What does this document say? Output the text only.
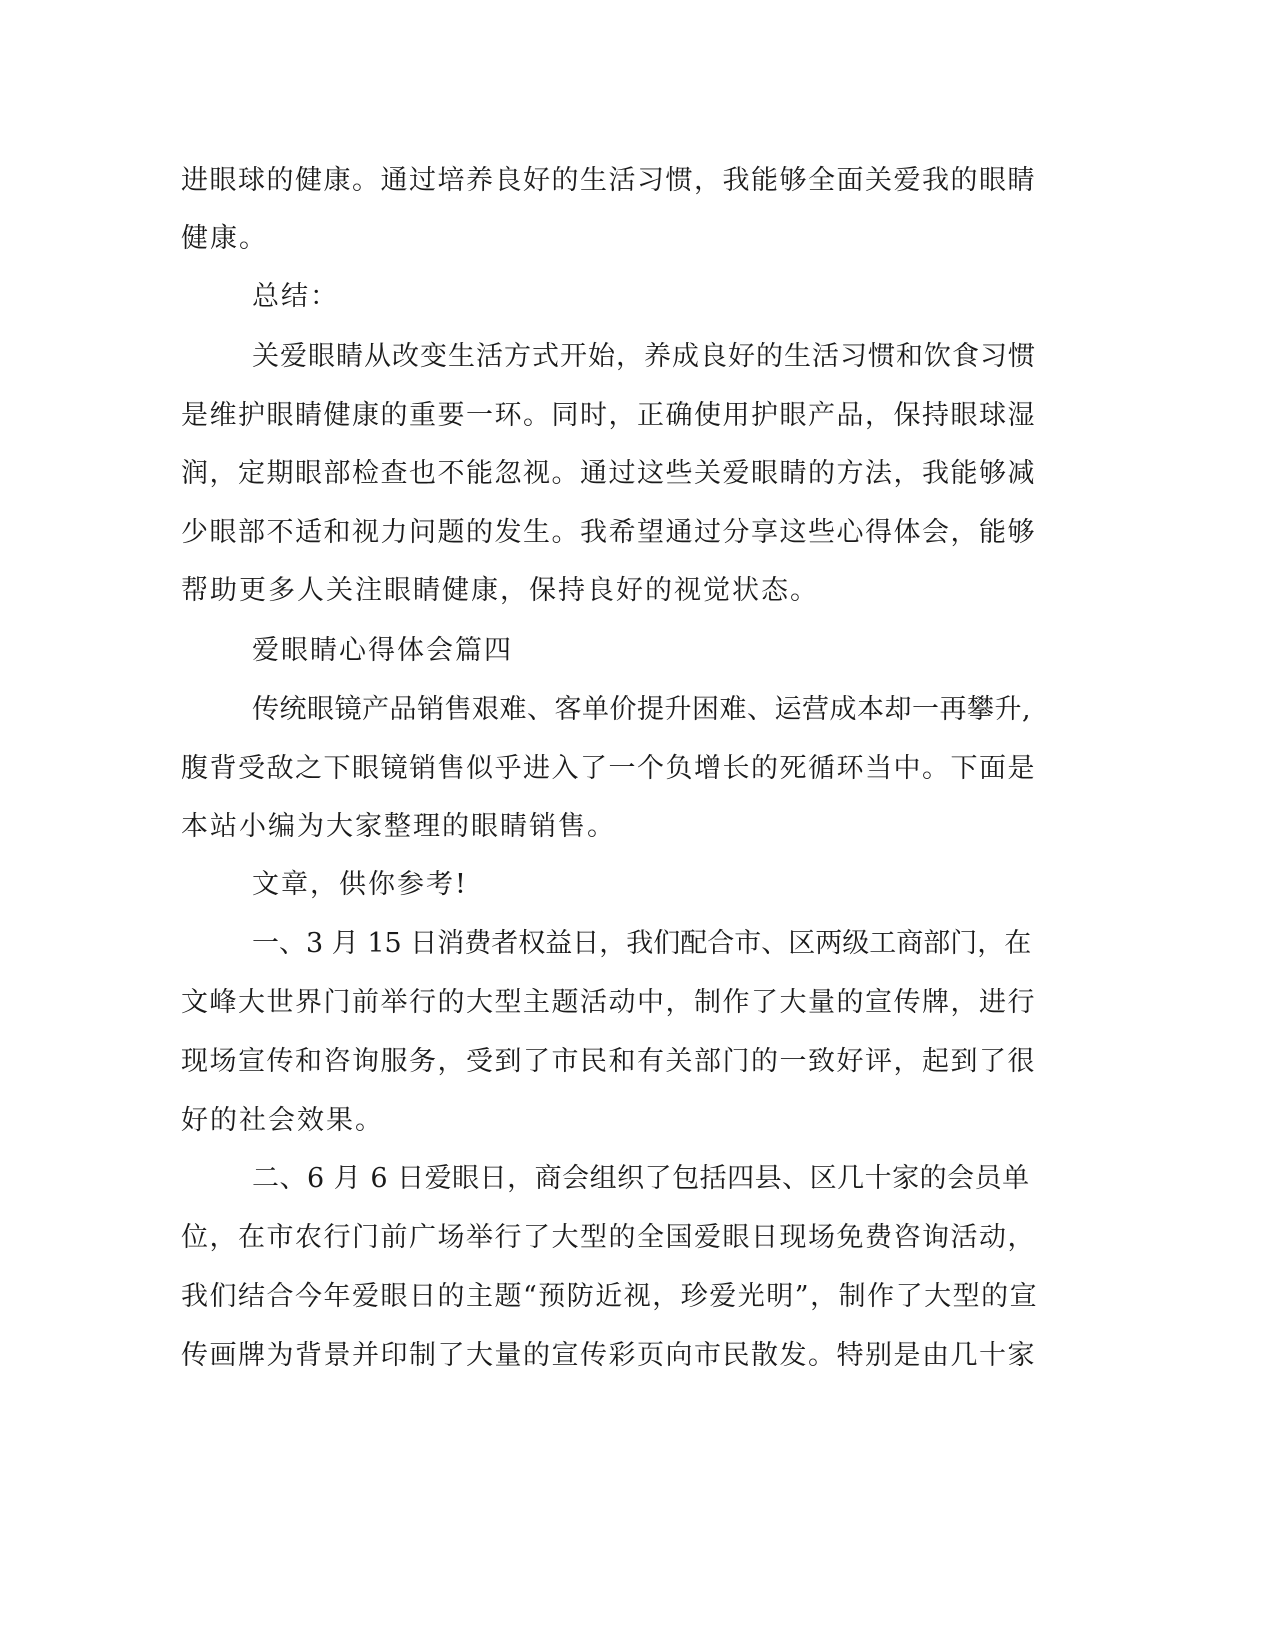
进眼球的健康。通过培养良好的生活习惯，我能够全面关爱我的眼睛
健康。
总结：
关爱眼睛从改变生活方式开始，养成良好的生活习惯和饮食习惯
是维护眼睛健康的重要一环。同时，正确使用护眼产品，保持眼球湿
润，定期眼部检查也不能忽视。通过这些关爱眼睛的方法，我能够减
少眼部不适和视力问题的发生。我希望通过分享这些心得体会，能够
帮助更多人关注眼睛健康，保持良好的视觉状态。
爱眼睛心得体会篇四
传统眼镜产品销售艰难、客单价提升困难、运营成本却一再攀升,
腹背受敌之下眼镜销售似乎进入了一个负增长的死循环当中。下面是
本站小编为大家整理的眼睛销售。
文章，供你参考!
一、3 月 15 日消费者权益日，我们配合市、区两级工商部门，在
文峰大世界门前举行的大型主题活动中，制作了大量的宣传牌，进行
现场宣传和咨询服务，受到了市民和有关部门的一致好评，起到了很
好的社会效果。
二、6 月 6 日爱眼日，商会组织了包括四县、区几十家的会员单
位，在市农行门前广场举行了大型的全国爱眼日现场免费咨询活动，
我们结合今年爱眼日的主题“预防近视，珍爱光明”，制作了大型的宣
传画牌为背景并印制了大量的宣传彩页向市民散发。特别是由几十家
